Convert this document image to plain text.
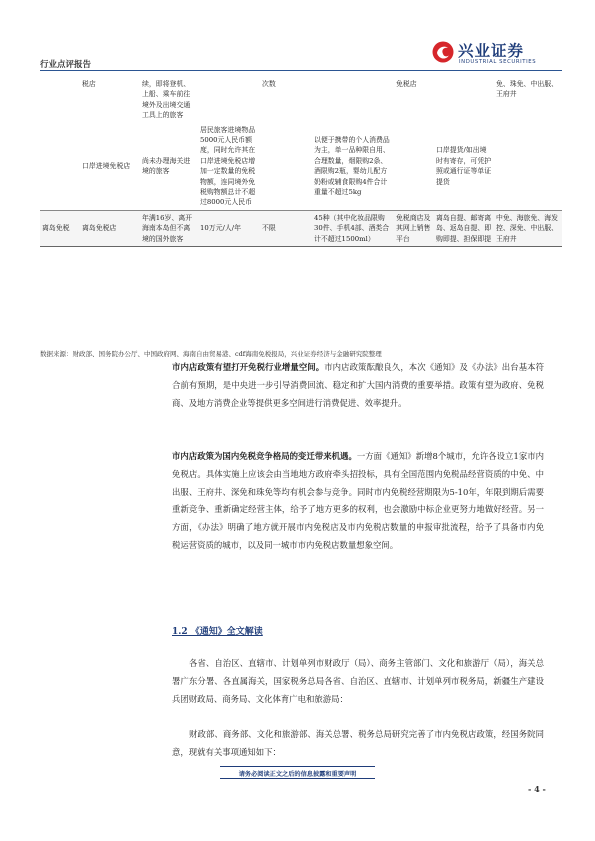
行业点评报告
兴业证券
INDUSTRIAL SECURITIES
	税店	续，即将登机、上船、乘车前往境外及出境交通工具上的旅客		次数		免税店		免、珠免、中出服、王府井
	口岸进境免税店	尚未办理海关进境的旅客	居民旅客进境物品5000元人民币额度，同时允许其在口岸进境免税店增加一定数量的免税物额，连同境外免税购物额总计不超过8000元人民币		以便于携带的个人消费品为主，单一品种限自用、合理数量，烟限购2条、酒限购2瓶，婴幼儿配方奶粉或辅食限购4件合计重量不超过5kg		口岸提货/如出境时有寄存，可凭护照或通行证等单证提货	
离岛免税	离岛免税店	年满16岁、离开海南本岛但不离境的国外旅客	10万元/人/年	不限	45种（其中化妆品限购30件、手机4部、酒类合计不超过1500ml）	免税商店及其网上销售平台	离岛自提、邮寄离岛、返岛自提、即购即提、担保即提	中免、海旅免、海发控、深免、中出服、王府井
数据来源：财政部、国务院办公厅、中国政府网、海南自由贸易港、cdf海南免税报局，兴业证券经济与金融研究院整理
市内店政策有望打开免税行业增量空间。市内店政策酝酿良久，本次《通知》及《办法》出台基本符合前有预期，是中央进一步引导消费回流、稳定和扩大国内消费的重要举措。政策有望为政府、免税商、及地方消费企业等提供更多空间进行消费促进、效率提升。
市内店政策为国内免税竞争格局的变迁带来机遇。一方面《通知》新增8个城市，允许各设立1家市内免税店。具体实施上应该会由当地地方政府牵头招投标，具有全国范围内免税品经营资质的中免、中出服、王府井、深免和珠免等均有机会参与竞争。同时市内免税经营期限为5-10年，年限到期后需要重新竞争、重新确定经营主体，给予了地方更多的权利，也会激励中标企业更努力地做好经营。另一方面，《办法》明确了地方就开展市内免税店及市内免税店数量的申报审批流程，给予了具备市内免税运营资质的城市，以及同一城市市内免税店数量想象空间。
1.2 《通知》全文解读
各省、自治区、直辖市、计划单列市财政厅（局）、商务主管部门、文化和旅游厅（局），海关总署广东分署、各直属海关，国家税务总局各省、自治区、直辖市、计划单列市税务局，新疆生产建设兵团财政局、商务局、文化体育广电和旅游局：
财政部、商务部、文化和旅游部、海关总署、税务总局研究完善了市内免税店政策，经国务院同意，现就有关事项通知如下：
请务必阅读正文之后的信息披露和重要声明
- 4 -
